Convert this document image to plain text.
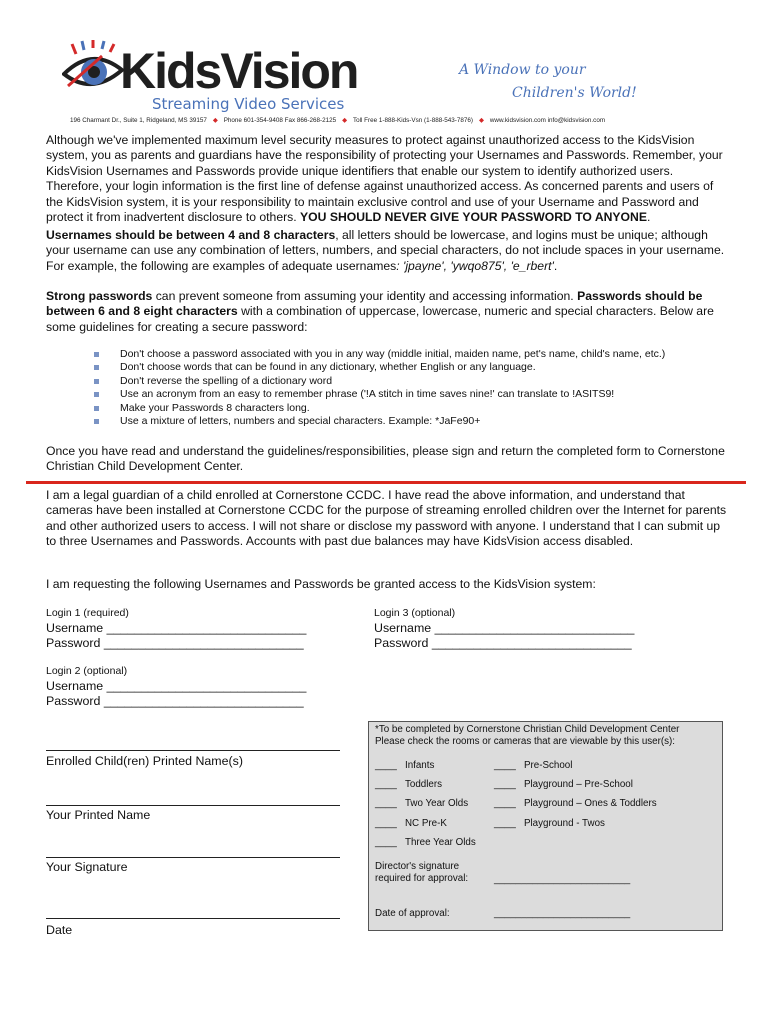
KidsVision
Streaming Video Services
A Window to your
Children's World!
196 Charmant Dr., Suite 1, Ridgeland, MS 39157 ◆ Phone 601-354-9408 Fax 866-268-2125 ◆ Toll Free 1-888-Kids-Vsn (1-888-543-7876) ◆ www.kidsvision.com info@kidsvision.com
Although we've implemented maximum level security measures to protect against unauthorized access to the KidsVision system, you as parents and guardians have the responsibility of protecting your Usernames and Passwords. Remember, your KidsVision Usernames and Passwords provide unique identifiers that enable our system to identify authorized users. Therefore, your login information is the first line of defense against unauthorized access. As concerned parents and users of the KidsVision system, it is your responsibility to maintain exclusive control and use of your Username and Password and protect it from inadvertent disclosure to others. YOU SHOULD NEVER GIVE YOUR PASSWORD TO ANYONE.
Usernames should be between 4 and 8 characters, all letters should be lowercase, and logins must be unique; although your username can use any combination of letters, numbers, and special characters, do not include spaces in your username. For example, the following are examples of adequate usernames: 'jpayne', 'ywqo875', 'e_rbert'.
Strong passwords can prevent someone from assuming your identity and accessing information. Passwords should be between 6 and 8 eight characters with a combination of uppercase, lowercase, numeric and special characters. Below are some guidelines for creating a secure password:
Don't choose a password associated with you in any way (middle initial, maiden name, pet's name, child's name, etc.)
Don't choose words that can be found in any dictionary, whether English or any language.
Don't reverse the spelling of a dictionary word
Use an acronym from an easy to remember phrase ('!A stitch in time saves nine!' can translate to !ASITS9!
Make your Passwords 8 characters long.
Use a mixture of letters, numbers and special characters. Example: *JaFe90+
Once you have read and understand the guidelines/responsibilities, please sign and return the completed form to Cornerstone Christian Child Development Center.
I am a legal guardian of a child enrolled at Cornerstone CCDC. I have read the above information, and understand that cameras have been installed at Cornerstone CCDC for the purpose of streaming enrolled children over the Internet for parents and other authorized users to access. I will not share or disclose my password with anyone. I understand that I can submit up to three Usernames and Passwords. Accounts with past due balances may have KidsVision access disabled.
I am requesting the following Usernames and Passwords be granted access to the KidsVision system:
Login 1 (required)
Username _____________________________
Password _____________________________
Login 3 (optional)
Username _____________________________
Password _____________________________
Login 2 (optional)
Username _____________________________
Password _____________________________
Enrolled Child(ren) Printed Name(s)
Your Printed Name
Your Signature
Date
*To be completed by Cornerstone Christian Child Development Center
Please check the rooms or cameras that are viewable by this user(s):
____ Infants
____ Toddlers
____ Two Year Olds
____ NC Pre-K
____ Three Year Olds
____ Pre-School
____ Playground – Pre-School
____ Playground – Ones & Toddlers
____ Playground - Twos
Director's signature
required for approval:	_________________________
Date of approval:	_________________________
